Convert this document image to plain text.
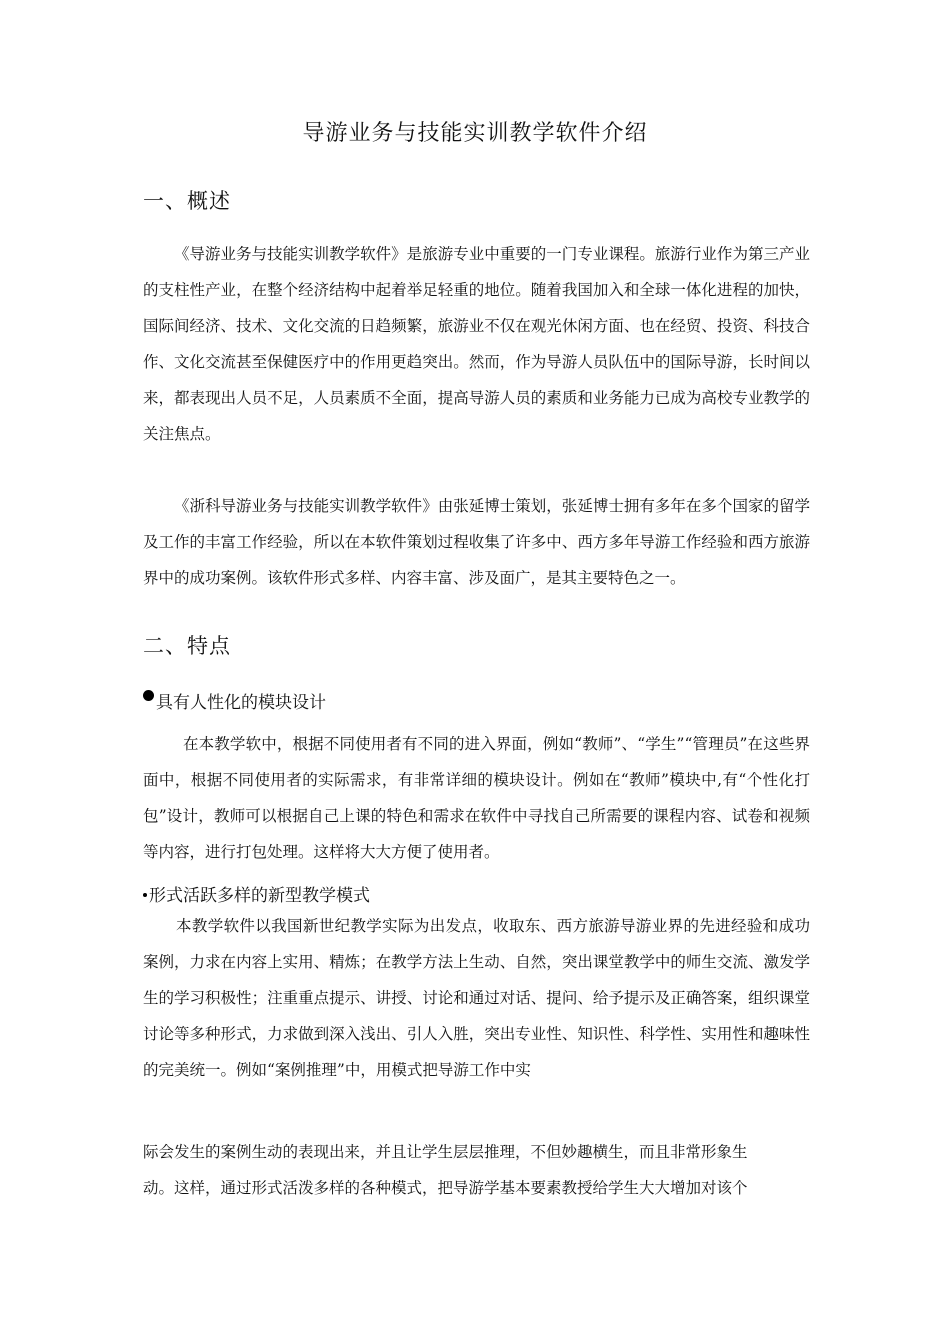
导游业务与技能实训教学软件介绍
一、概述
《导游业务与技能实训教学软件》是旅游专业中重要的一门专业课程。旅游行业作为第三产业的支柱性产业，在整个经济结构中起着举足轻重的地位。随着我国加入和全球一体化进程的加快，国际间经济、技术、文化交流的日趋频繁，旅游业不仅在观光休闲方面、也在经贸、投资、科技合作、文化交流甚至保健医疗中的作用更趋突出。然而，作为导游人员队伍中的国际导游，长时间以来，都表现出人员不足，人员素质不全面，提高导游人员的素质和业务能力已成为高校专业教学的关注焦点。
《浙科导游业务与技能实训教学软件》由张延博士策划，张延博士拥有多年在多个国家的留学及工作的丰富工作经验，所以在本软件策划过程收集了许多中、西方多年导游工作经验和西方旅游界中的成功案例。该软件形式多样、内容丰富、涉及面广，是其主要特色之一。
二、特点
具有人性化的模块设计
在本教学软中，根据不同使用者有不同的进入界面，例如“教师”、“学生”“管理员”在这些界面中，根据不同使用者的实际需求，有非常详细的模块设计。例如在“教师”模块中,有“个性化打包”设计，教师可以根据自己上课的特色和需求在软件中寻找自己所需要的课程内容、试卷和视频等内容，进行打包处理。这样将大大方便了使用者。
形式活跃多样的新型教学模式
本教学软件以我国新世纪教学实际为出发点，收取东、西方旅游导游业界的先进经验和成功案例，力求在内容上实用、精炼；在教学方法上生动、自然，突出课堂教学中的师生交流、激发学生的学习积极性；注重重点提示、讲授、讨论和通过对话、提问、给予提示及正确答案，组织课堂讨论等多种形式，力求做到深入浅出、引人入胜，突出专业性、知识性、科学性、实用性和趣味性的完美统一。例如“案例推理”中，用模式把导游工作中实
际会发生的案例生动的表现出来，并且让学生层层推理，不但妙趣横生，而且非常形象生
动。这样，通过形式活泼多样的各种模式，把导游学基本要素教授给学生大大增加对该个
